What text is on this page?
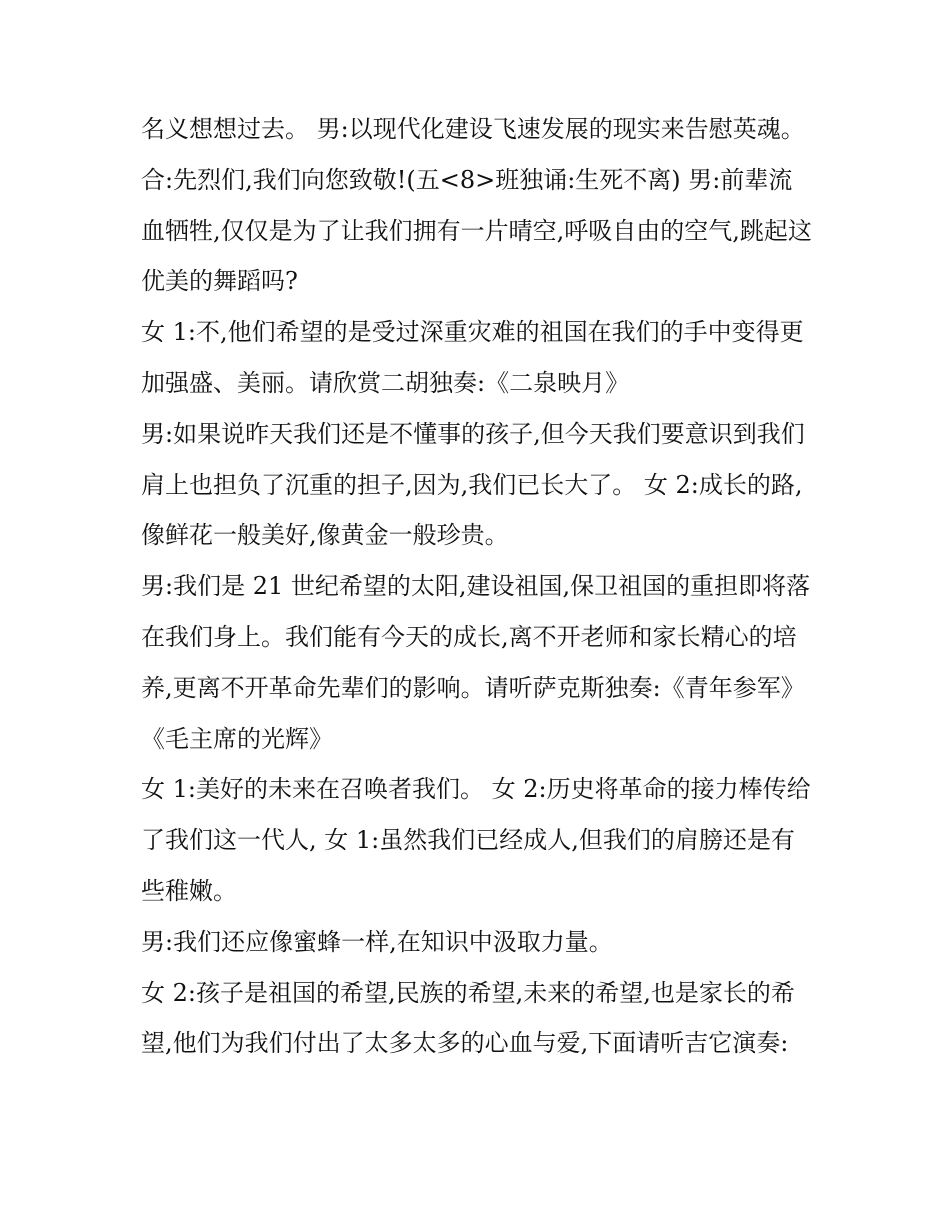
名义想想过去。 男:以现代化建设飞速发展的现实来告慰英魂。

合:先烈们,我们向您致敬!(五<8>班独诵:生死不离) 男:前辈流血牺牲,仅仅是为了让我们拥有一片晴空,呼吸自由的空气,跳起这优美的舞蹈吗?

女 1:不,他们希望的是受过深重灾难的祖国在我们的手中变得更加强盛、美丽。请欣赏二胡独奏:《二泉映月》

男:如果说昨天我们还是不懂事的孩子,但今天我们要意识到我们肩上也担负了沉重的担子,因为,我们已长大了。 女 2:成长的路,像鲜花一般美好,像黄金一般珍贵。

男:我们是 21 世纪希望的太阳,建设祖国,保卫祖国的重担即将落在我们身上。我们能有今天的成长,离不开老师和家长精心的培养,更离不开革命先辈们的影响。请听萨克斯独奏:《青年参军》《毛主席的光辉》

女 1:美好的未来在召唤者我们。 女 2:历史将革命的接力棒传给了我们这一代人, 女 1:虽然我们已经成人,但我们的肩膀还是有些稚嫩。

男:我们还应像蜜蜂一样,在知识中汲取力量。

女 2:孩子是祖国的希望,民族的希望,未来的希望,也是家长的希望,他们为我们付出了太多太多的心血与爱,下面请听吉它演奏:
